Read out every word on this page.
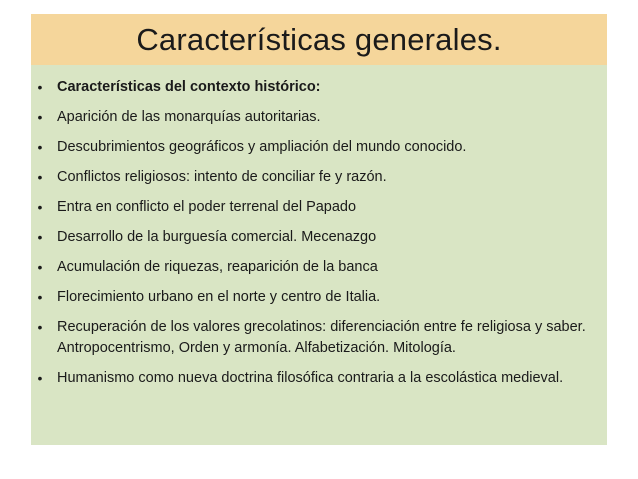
Características generales.
•	Características del contexto histórico:
•	Aparición de las monarquías autoritarias.
•	Descubrimientos geográficos y ampliación del mundo conocido.
•	Conflictos religiosos: intento de conciliar fe y razón.
•	Entra en conflicto el poder terrenal del Papado
•	Desarrollo de la burguesía comercial. Mecenazgo
•	Acumulación de riquezas, reaparición de la banca
•	Florecimiento urbano en el norte y centro de Italia.
•	Recuperación de los valores grecolatinos: diferenciación entre fe religiosa y saber. Antropocentrismo, Orden y armonía. Alfabetización. Mitología.
•	Humanismo como nueva doctrina filosófica contraria a la escolástica medieval.
